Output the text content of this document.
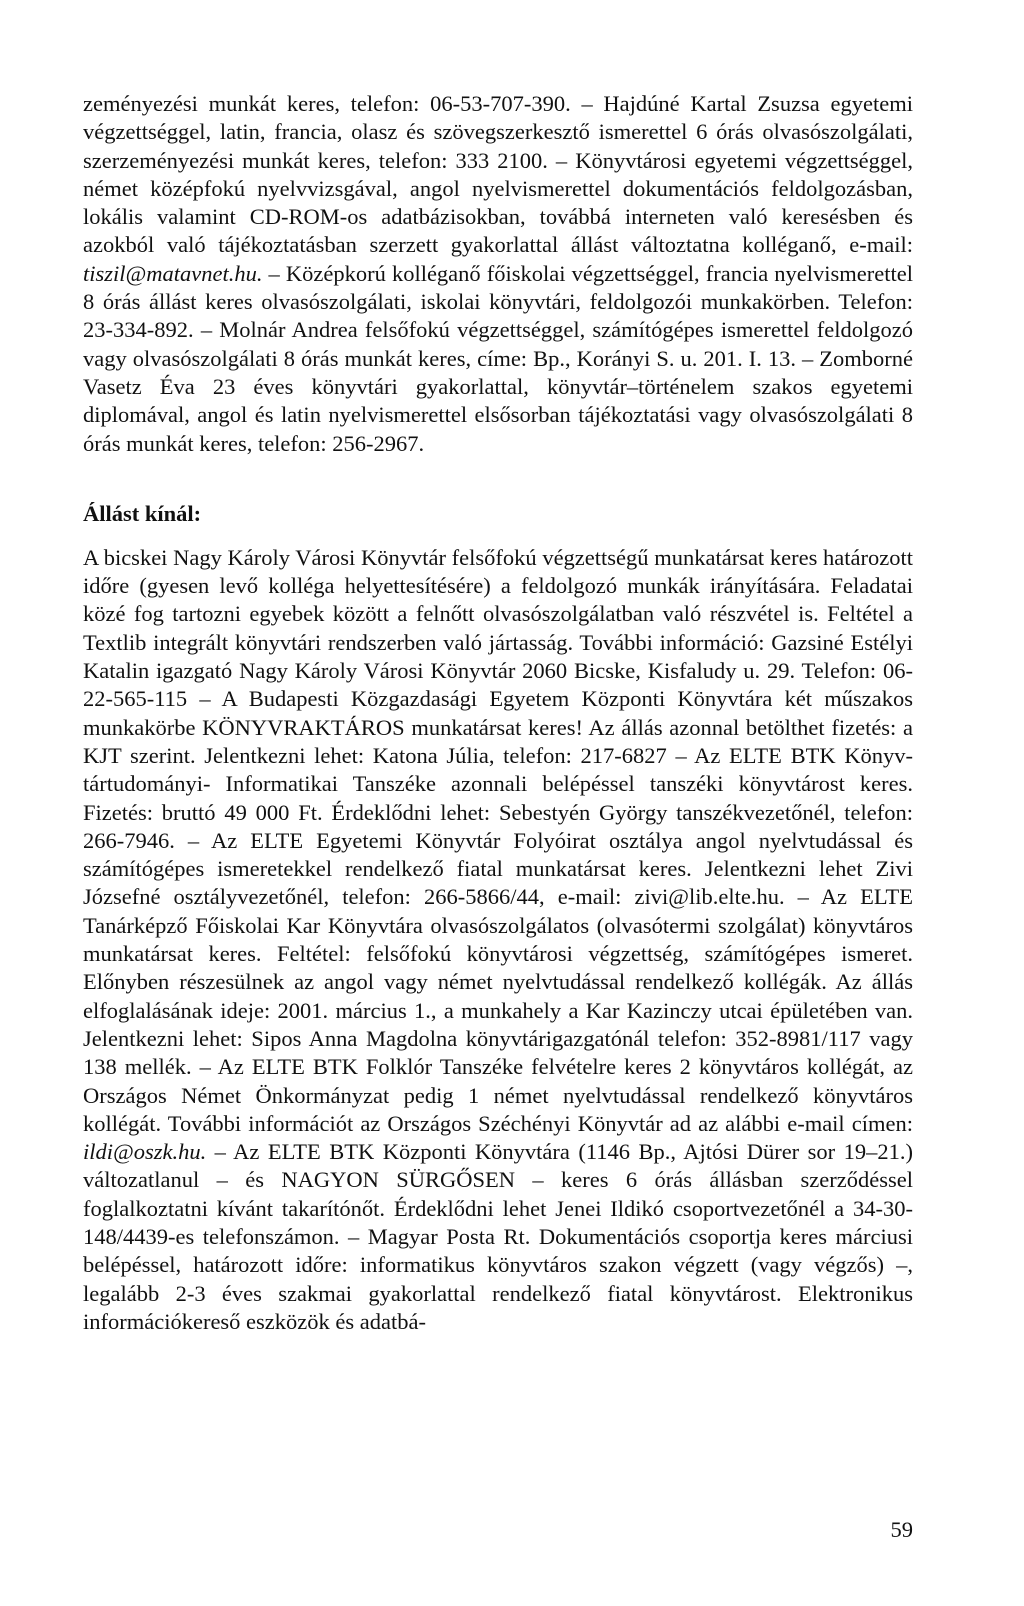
zeményezési munkát keres, telefon: 06-53-707-390. – Hajdúné Kartal Zsuzsa egyetemi végzettséggel, latin, francia, olasz és szövegszerkesztő ismerettel 6 órás olvasószolgálati, szerzeményezési munkát keres, telefon: 333 2100. – Könyvtárosi egyetemi végzettséggel, német középfokú nyelvvizsgával, angol nyelvismerettel dokumentációs feldolgozásban, lokális valamint CD-ROM-os adatbázisokban, továbbá interneten való keresésben és azokból való tájékoztatásban szerzett gyakorlattal állást változtatna kolléganő, e-mail: tiszil@matavnet.hu. – Középkorú kolléganő főiskolai végzettséggel, francia nyelvismerettel 8 órás állást keres olvasószolgálati, iskolai könyvtári, feldolgozói munkakörben. Telefon: 23-334-892. – Molnár Andrea felsőfokú végzettséggel, számítógépes ismerettel feldolgozó vagy olvasószolgálati 8 órás munkát keres, címe: Bp., Korányi S. u. 201. I. 13. – Zomborné Vasetz Éva 23 éves könyvtári gyakorlattal, könyvtár–történelem szakos egyetemi diplomával, angol és latin nyelvismerettel elsősorban tájékoztatási vagy olvasószolgálati 8 órás munkát keres, telefon: 256-2967.

Állást kínál:

A bicskei Nagy Károly Városi Könyvtár felsőfokú végzettségű munkatársat keres határozott időre (gyesen levő kolléga helyettesítésére) a feldolgozó munkák irányítására. Feladatai közé fog tartozni egyebek között a felnőtt olvasószolgálatban való részvétel is. Feltétel a Textlib integrált könyvtári rendszerben való jártasság. További információ: Gazsiné Estélyi Katalin igazgató Nagy Károly Városi Könyvtár 2060 Bicske, Kisfaludy u. 29. Telefon: 06-22-565-115 – A Budapesti Közgazdasági Egyetem Központi Könyvtára két műszakos munkakörbe KÖNYVRAKTÁROS munkatársat keres! Az állás azonnal betölthet fizetés: a KJT szerint. Jelentkezni lehet: Katona Júlia, telefon: 217-6827 – Az ELTE BTK Könyvtártudományi- Informatikai Tanszéke azonnali belépéssel tanszéki könyvtárost keres. Fizetés: bruttó 49 000 Ft. Érdeklődni lehet: Sebestyén György tanszékvezetőnél, telefon: 266-7946. – Az ELTE Egyetemi Könyvtár Folyóirat osztálya angol nyelvtudással és számítógépes ismeretekkel rendelkező fiatal munkatársat keres. Jelentkezni lehet Zivi Józsefné osztályvezetőnél, telefon: 266-5866/44, e-mail: zivi@lib.elte.hu. – Az ELTE Tanárképző Főiskolai Kar Könyvtára olvasószolgálatos (olvasótermi szolgálat) könyvtáros munkatársat keres. Feltétel: felsőfokú könyvtárosi végzettség, számítógépes ismeret. Előnyben részesülnek az angol vagy német nyelvtudással rendelkező kollégák. Az állás elfoglalásának ideje: 2001. március 1., a munkahely a Kar Kazinczy utcai épületében van. Jelentkezni lehet: Sipos Anna Magdolna könyvtárigazgatónál telefon: 352-8981/117 vagy 138 mellék. – Az ELTE BTK Folklór Tanszéke felvételre keres 2 könyvtáros kollégát, az Országos Német Önkormányzat pedig 1 német nyelvtudással rendelkező könyvtáros kollégát. További információt az Országos Széchényi Könyvtár ad az alábbi e-mail címen: ildi@oszk.hu. – Az ELTE BTK Központi Könyvtára (1146 Bp., Ajtósi Dürer sor 19–21.) változatlanul – és NAGYON SÜRGŐSEN – keres 6 órás állásban szerződéssel foglalkoztatni kívánt takarítónőt. Érdeklődni lehet Jenei Ildikó csoportvezetőnél a 34-30-148/4439-es telefonszámon. – Magyar Posta Rt. Dokumentációs csoportja keres márciusi belépéssel, határozott időre: informatikus könyvtáros szakon végzett (vagy végzős) –, legalább 2-3 éves szakmai gyakorlattal rendelkező fiatal könyvtárost. Elektronikus információkereső eszközök és adatbá-

59
